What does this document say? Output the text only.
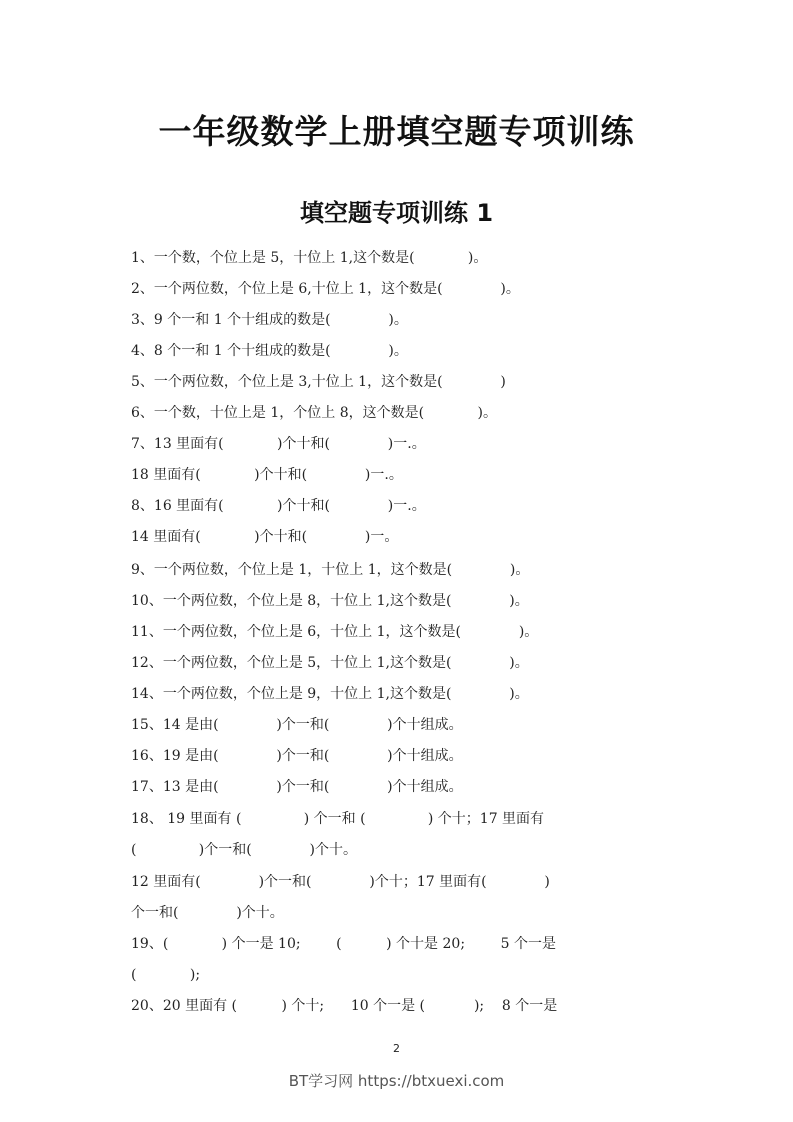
一年级数学上册填空题专项训练
填空题专项训练 1
1、一个数，个位上是 5，十位上 1,这个数是(            )。
2、一个两位数，个位上是 6,十位上 1，这个数是(             )。
3、9 个一和 1 个十组成的数是(             )。
4、8 个一和 1 个十组成的数是(             )。
5、一个两位数，个位上是 3,十位上 1，这个数是(             )
6、一个数，十位上是 1，个位上 8，这个数是(            )。
7、13 里面有(            )个十和(             )一.。
18 里面有(            )个十和(             )一.。
8、16 里面有(            )个十和(             )一.。
14 里面有(            )个十和(             )一。
9、一个两位数，个位上是 1，十位上 1，这个数是(             )。
10、一个两位数，个位上是 8，十位上 1,这个数是(             )。
11、一个两位数，个位上是 6，十位上 1，这个数是(             )。
12、一个两位数，个位上是 5，十位上 1,这个数是(             )。
14、一个两位数，个位上是 9，十位上 1,这个数是(             )。
15、14 是由(             )个一和(             )个十组成。
16、19 是由(             )个一和(             )个十组成。
17、13 是由(             )个一和(             )个十组成。
18、 19 里面有 (              ) 个一和 (              ) 个十；17 里面有
(              )个一和(             )个十。
12 里面有(             )个一和(             )个十；17 里面有(             )
个一和(             )个十。
19、(            ) 个一是 10;        (          ) 个十是 20;        5 个一是
(            );
20、20 里面有 (          ) 个十;      10 个一是 (           );    8 个一是
2
BT学习网 https://btxuexi.com
